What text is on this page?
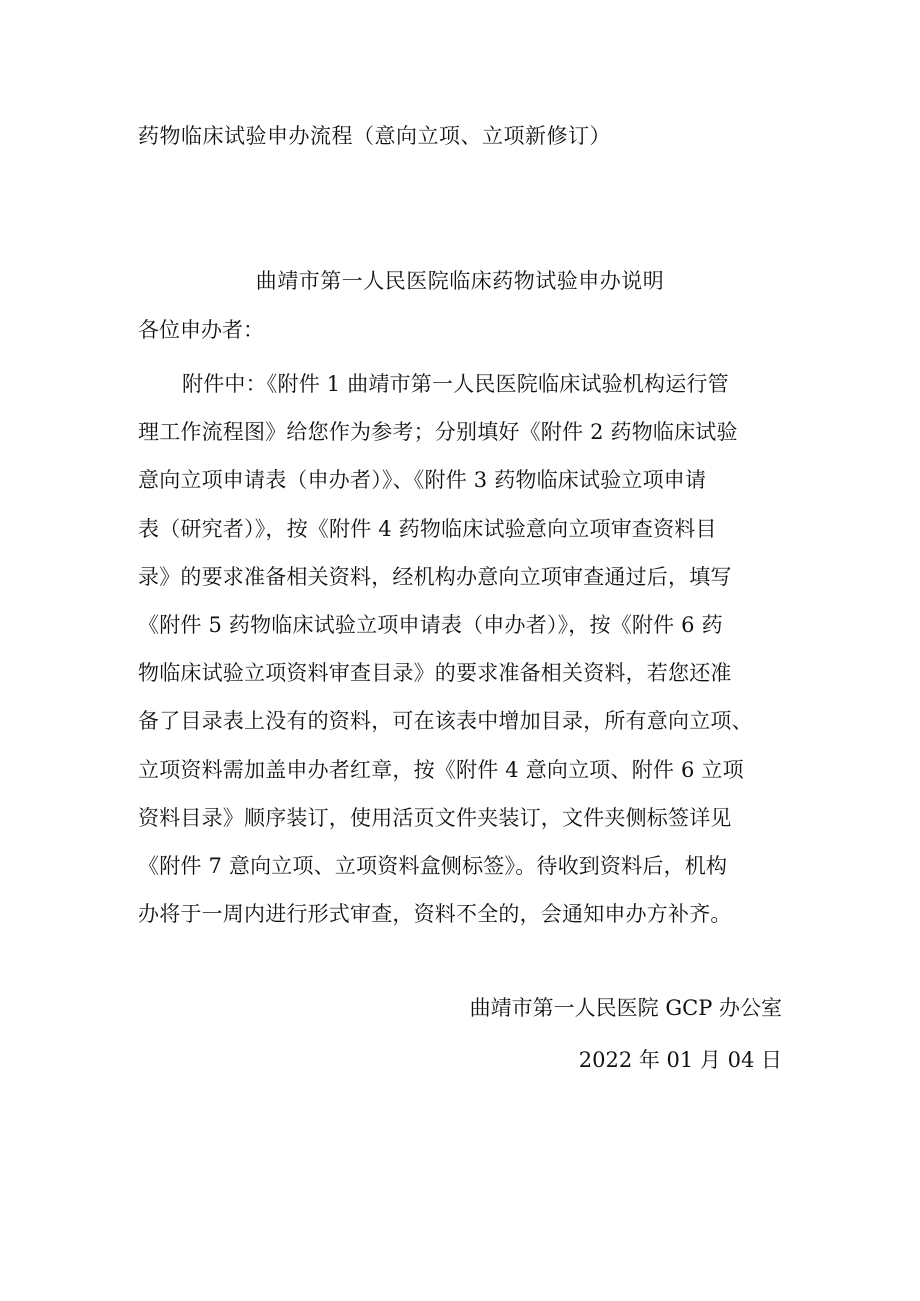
药物临床试验申办流程（意向立项、立项新修订）
曲靖市第一人民医院临床药物试验申办说明
各位申办者：
附件中：《附件 1 曲靖市第一人民医院临床试验机构运行管
理工作流程图》给您作为参考；分别填好《附件 2 药物临床试验
意向立项申请表（申办者）》、《附件 3 药物临床试验立项申请
表（研究者）》，按《附件 4 药物临床试验意向立项审查资料目
录》的要求准备相关资料，经机构办意向立项审查通过后，填写
《附件 5 药物临床试验立项申请表（申办者）》，按《附件 6 药
物临床试验立项资料审查目录》的要求准备相关资料，若您还准
备了目录表上没有的资料，可在该表中增加目录，所有意向立项、
立项资料需加盖申办者红章，按《附件 4 意向立项、附件 6 立项
资料目录》顺序装订，使用活页文件夹装订，文件夹侧标签详见
《附件 7 意向立项、立项资料盒侧标签》。待收到资料后，机构
办将于一周内进行形式审查，资料不全的，会通知申办方补齐。
曲靖市第一人民医院 GCP 办公室
2022 年 01 月 04 日
